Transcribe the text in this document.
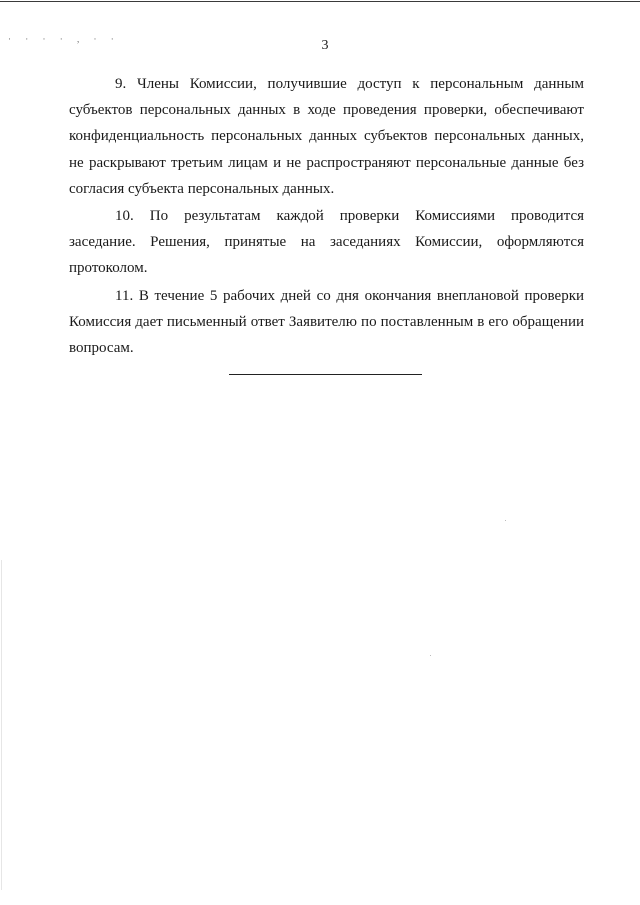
· · · · , · ·	3

9. Члены Комиссии, получившие доступ к персональным данным субъектов персональных данных в ходе проведения проверки, обеспечивают конфиденциальность персональных данных субъектов персональных данных, не раскрывают третьим лицам и не распространяют персональные данные без согласия субъекта персональных данных.

10. По результатам каждой проверки Комиссиями проводится заседание. Решения, принятые на заседаниях Комиссии, оформляются протоколом.

11. В течение 5 рабочих дней со дня окончания внеплановой проверки Комиссия дает письменный ответ Заявителю по поставленным в его обращении вопросам.
